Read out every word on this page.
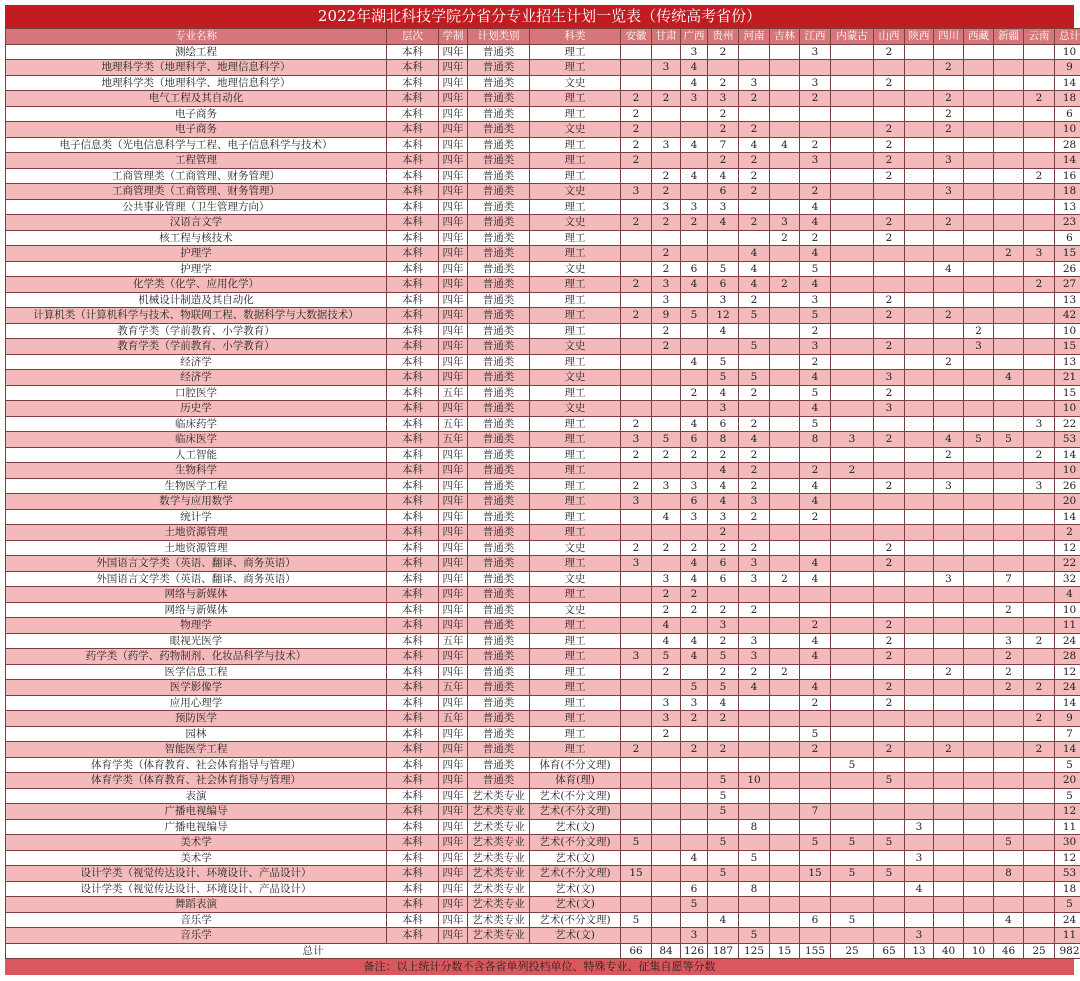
2022年湖北科技学院分省分专业招生计划一览表（传统高考省份）
专业名称	层次	学制	计划类别	科类	安徽	甘肃	广西	贵州	河南	吉林	江西	内蒙古	山西	陕西	四川	西藏	新疆	云南	总计
测绘工程	本科	四年	普通类	理工			3	2			3		2						10
地理科学类（地理科学、地理信息科学）	本科	四年	普通类	理工		3	4								2				9
地理科学类（地理科学、地理信息科学）	本科	四年	普通类	文史			4	2	3		3		2						14
电气工程及其自动化	本科	四年	普通类	理工	2	2	3	3	2		2				2			2	18
电子商务	本科	四年	普通类	理工	2			2							2				6
电子商务	本科	四年	普通类	文史	2			2	2				2		2				10
电子信息类（光电信息科学与工程、电子信息科学与技术）	本科	四年	普通类	理工	2	3	4	7	4	4	2		2						28
工程管理	本科	四年	普通类	理工	2			2	2		3		2		3				14
工商管理类（工商管理、财务管理）	本科	四年	普通类	理工		2	4	4	2				2					2	16
工商管理类（工商管理、财务管理）	本科	四年	普通类	文史	3	2		6	2		2				3				18
公共事业管理（卫生管理方向）	本科	四年	普通类	理工		3	3	3			4								13
汉语言文学	本科	四年	普通类	文史	2	2	2	4	2	3	4		2		2				23
核工程与核技术	本科	四年	普通类	理工						2	2		2						6
护理学	本科	四年	普通类	理工		2			4		4						2	3	15
护理学	本科	四年	普通类	文史		2	6	5	4		5				4				26
化学类（化学、应用化学）	本科	四年	普通类	理工	2	3	4	6	4	2	4							2	27
机械设计制造及其自动化	本科	四年	普通类	理工		3		3	2		3		2						13
计算机类（计算机科学与技术、物联网工程、数据科学与大数据技术）	本科	四年	普通类	理工	2	9	5	12	5		5		2		2				42
教育学类（学前教育、小学教育）	本科	四年	普通类	理工		2		4			2					2			10
教育学类（学前教育、小学教育）	本科	四年	普通类	文史		2			5		3		2			3			15
经济学	本科	四年	普通类	理工			4	5			2				2				13
经济学	本科	四年	普通类	文史				5	5		4		3				4		21
口腔医学	本科	五年	普通类	理工			2	4	2		5		2						15
历史学	本科	四年	普通类	文史				3			4		3						10
临床药学	本科	五年	普通类	理工	2		4	6	2		5							3	22
临床医学	本科	五年	普通类	理工	3	5	6	8	4		8	3	2		4	5	5		53
人工智能	本科	四年	普通类	理工	2	2	2	2	2						2			2	14
生物科学	本科	四年	普通类	理工				4	2		2	2							10
生物医学工程	本科	四年	普通类	理工	2	3	3	4	2		4		2		3			3	26
数学与应用数学	本科	四年	普通类	理工	3		6	4	3		4								20
统计学	本科	四年	普通类	理工		4	3	3	2		2								14
土地资源管理	本科	四年	普通类	理工				2											2
土地资源管理	本科	四年	普通类	文史	2	2	2	2	2				2						12
外国语言文学类（英语、翻译、商务英语）	本科	四年	普通类	理工	3		4	6	3		4		2						22
外国语言文学类（英语、翻译、商务英语）	本科	四年	普通类	文史		3	4	6	3	2	4				3		7		32
网络与新媒体	本科	四年	普通类	理工		2	2												4
网络与新媒体	本科	四年	普通类	文史		2	2	2	2								2		10
物理学	本科	四年	普通类	理工		4		3			2		2						11
眼视光医学	本科	五年	普通类	理工		4	4	2	3		4		2				3	2	24
药学类（药学、药物制剂、化妆品科学与技术）	本科	四年	普通类	理工	3	5	4	5	3		4		2				2		28
医学信息工程	本科	四年	普通类	理工		2		2	2	2					2		2		12
医学影像学	本科	五年	普通类	理工			5	5	4		4		2				2	2	24
应用心理学	本科	四年	普通类	理工		3	3	4			2		2						14
预防医学	本科	五年	普通类	理工		3	2	2										2	9
园林	本科	四年	普通类	理工		2					5								7
智能医学工程	本科	四年	普通类	理工	2		2	2			2		2		2			2	14
体育学类（体育教育、社会体育指导与管理）	本科	四年	普通类	体育(不分文理)								5							5
体育学类（体育教育、社会体育指导与管理）	本科	四年	普通类	体育(理)				5	10				5						20
表演	本科	四年	艺术类专业	艺术(不分文理)				5											5
广播电视编导	本科	四年	艺术类专业	艺术(不分文理)				5			7								12
广播电视编导	本科	四年	艺术类专业	艺术(文)					8					3					11
美术学	本科	四年	艺术类专业	艺术(不分文理)	5			5			5	5	5				5		30
美术学	本科	四年	艺术类专业	艺术(文)			4		5					3					12
设计学类（视觉传达设计、环境设计、产品设计）	本科	四年	艺术类专业	艺术(不分文理)	15			5			15	5	5				8		53
设计学类（视觉传达设计、环境设计、产品设计）	本科	四年	艺术类专业	艺术(文)			6		8					4					18
舞蹈表演	本科	四年	艺术类专业	艺术(文)			5												5
音乐学	本科	四年	艺术类专业	艺术(不分文理)	5			4			6	5					4		24
音乐学	本科	四年	艺术类专业	艺术(文)			3		5					3					11
总计					66	84	126	187	125	15	155	25	65	13	40	10	46	25	982
备注：以上统计分数不含各省单列投档单位、特殊专业、征集自愿等分数
